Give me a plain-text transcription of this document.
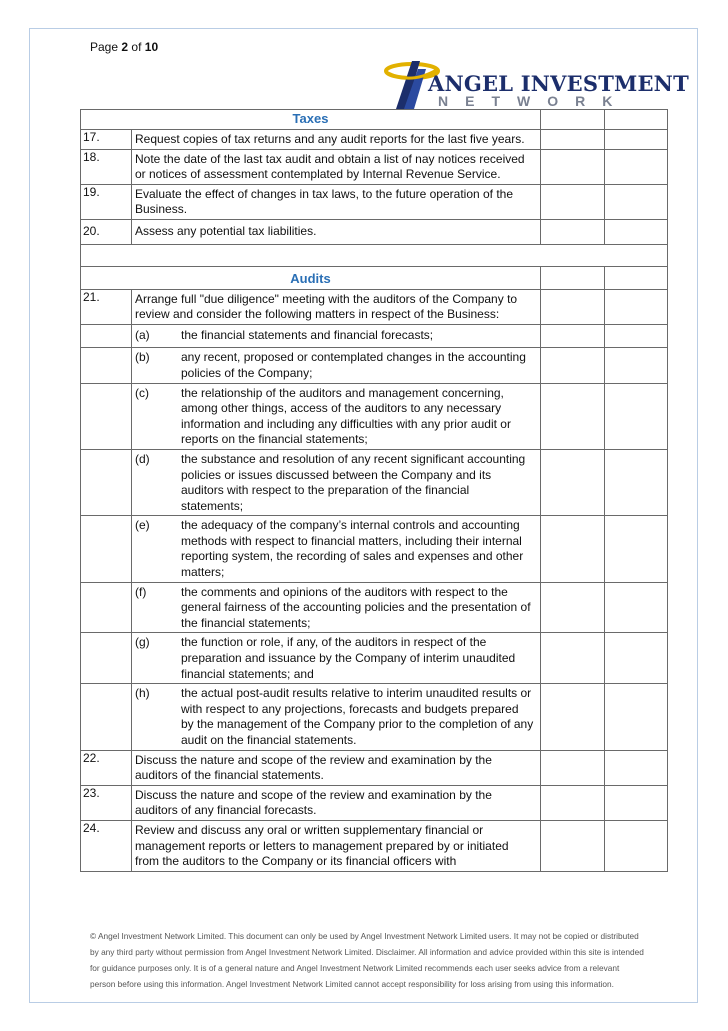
Page 2 of 10
ANGEL INVESTMENT
NETWORK
Taxes			

17.	Request copies of tax returns and any audit reports for the last five years.		
18.	Note the date of the last tax audit and obtain a list of nay notices received or notices of assessment contemplated by Internal Revenue Service.		
19.	Evaluate the effect of changes in tax laws, to the future operation of the Business.		
20.	Assess any potential tax liabilities.		

Audits			

21.	Arrange full "due diligence" meeting with the auditors of the Company to review and consider the following matters in respect of the Business:		

	(a) the financial statements and financial forecasts;		

	(b) any recent, proposed or contemplated changes in the accounting policies of the Company;		

	(c) the relationship of the auditors and management concerning, among other things, access of the auditors to any necessary information and including any difficulties with any prior audit or reports on the financial statements;		

	(d) the substance and resolution of any recent significant accounting policies or issues discussed between the Company and its auditors with respect to the preparation of the financial statements;		

	(e) the adequacy of the company’s internal controls and accounting methods with respect to financial matters, including their internal reporting system, the recording of sales and expenses and other matters;		

	(f) the comments and opinions of the auditors with respect to the general fairness of the accounting policies and the presentation of the financial statements;		

	(g) the function or role, if any, of the auditors in respect of the preparation and issuance by the Company of interim unaudited financial statements; and		

	(h) the actual post-audit results relative to interim unaudited results or with respect to any projections, forecasts and budgets prepared by the management of the Company prior to the completion of any audit on the financial statements.		

22.	Discuss the nature and scope of the review and examination by the auditors of the financial statements.		
23.	Discuss the nature and scope of the review and examination by the auditors of any financial forecasts.		
24.	Review and discuss any oral or written supplementary financial or management reports or letters to management prepared by or initiated from the auditors to the Company or its financial officers with		
© Angel Investment Network Limited. This document can only be used by Angel Investment Network Limited users. It may not be copied or distributed by any third party without permission from Angel Investment Network Limited. Disclaimer. All information and advice provided within this site is intended for guidance purposes only. It is of a general nature and Angel Investment Network Limited recommends each user seeks advice from a relevant person before using this information. Angel Investment Network Limited cannot accept responsibility for loss arising from using this information.
